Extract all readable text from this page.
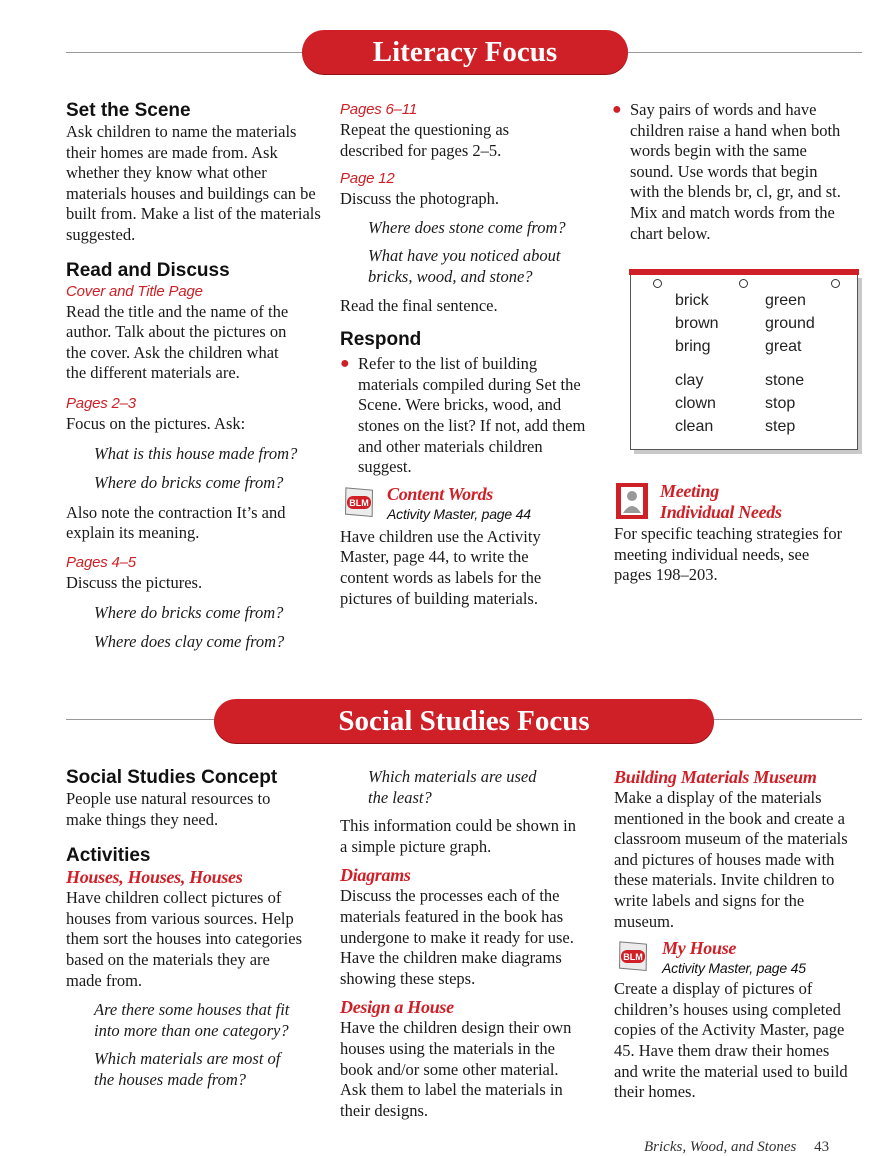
Literacy Focus
Set the Scene

Ask children to name the materials their homes are made from. Ask whether they know what other materials houses and buildings can be built from. Make a list of the materials suggested.

Read and Discuss

Cover and Title Page

Read the title and the name of the author. Talk about the pictures on the cover. Ask the children what the different materials are.

Pages 2–3

Focus on the pictures. Ask:

What is this house made from?

Where do bricks come from?

Also note the contraction It’s and explain its meaning.

Pages 4–5

Discuss the pictures.

Where do bricks come from?

Where does clay come from?

Pages 6–11

Repeat the questioning as described for pages 2–5.

Page 12

Discuss the photograph.

Where does stone come from?

What have you noticed about bricks, wood, and stone?

Read the final sentence.

Respond
● Refer to the list of building materials compiled during Set the Scene. Were bricks, wood, and stones on the list? If not, add them and other materials children suggest.

BLM Content Words

Activity Master, page 44

Have children use the Activity Master, page 44, to write the content words as labels for the pictures of building materials.

● Say pairs of words and have children raise a hand when both words begin with the same sound. Use words that begin with the blends br, cl, gr, and st. Mix and match words from the chart below.

brick
brown
bring
clay
clown
clean
green
ground
great
stone
stop
step

Meeting

Individual Needs

For specific teaching strategies for meeting individual needs, see pages 198–203.

Social Studies Focus
Social Studies Concept

People use natural resources to make things they need.

Activities

Houses, Houses, Houses

Have children collect pictures of houses from various sources. Help them sort the houses into categories based on the materials they are made from.

Are there some houses that fit into more than one category?

Which materials are most of the houses made from?

Which materials are used the least?

This information could be shown in a simple picture graph.

Diagrams

Discuss the processes each of the materials featured in the book has undergone to make it ready for use. Have the children make diagrams showing these steps.

Design a House

Have the children design their own houses using the materials in the book and/or some other material. Ask them to label the materials in their designs.

Building Materials Museum

Make a display of the materials mentioned in the book and create a classroom museum of the materials and pictures of houses made with these materials. Invite children to write labels and signs for the museum.

BLM My House

Activity Master, page 45

Create a display of pictures of children’s houses using completed copies of the Activity Master, page 45. Have them draw their homes and write the material used to build their homes.

Bricks, Wood, and Stones 43
